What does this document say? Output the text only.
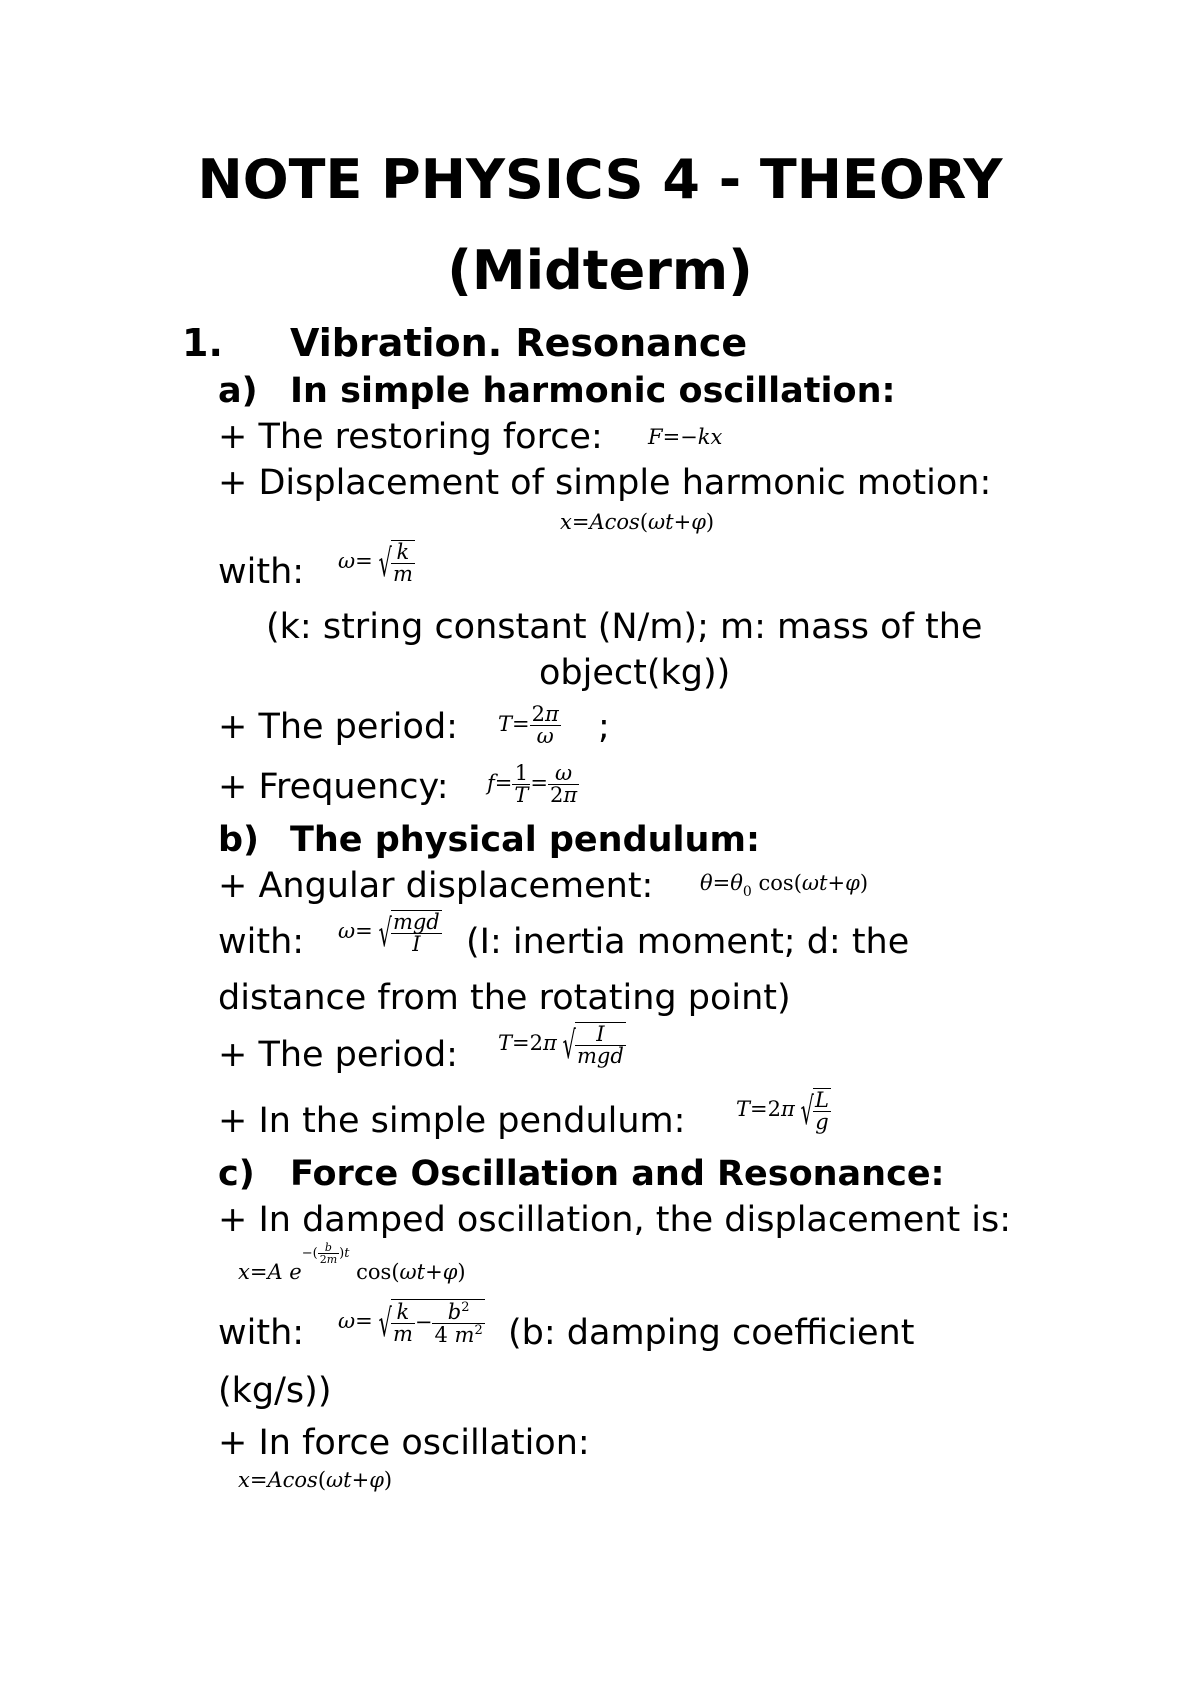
NOTE PHYSICS 4 - THEORY
(Midterm)
1. Vibration. Resonance
a) In simple harmonic oscillation:
+ The restoring force: F=−kx
+ Displacement of simple harmonic motion:
x=Acos(ωt+φ)
with: ω= √ $\frac{k}{m}$
(k: string constant (N/m); m: mass of the
object(kg))
+ The period: $T= \frac{2\pi}{\omega}$ ;
+ Frequency: $f= \frac{1}{T} = \frac{\omega}{2\pi}$
b) The physical pendulum:
+ Angular displacement: $\theta=\theta_0$ cos(ωt+φ)
with: ω= √ $\frac{\text{mgd}}{I} (I$: inertia moment; d: the
distance from the rotating point)
+ The period: T=2π √ $\frac{I}{\text{mgd}}$
+ In the simple pendulum: T=2π √ $\frac{L}{g}$
c) Force Oscillation and Resonance:
+ In damped oscillation, the displacement is:
x=A $e^{-( \frac{b}{2m} )t}$ cos(ωt+φ)
with: ω= √ $\frac{k}{m} - \frac{b^2}{4 m^2} (b$: damping coefficient
(kg/s))
+ In force oscillation:
x=Acos(ωt+φ)
